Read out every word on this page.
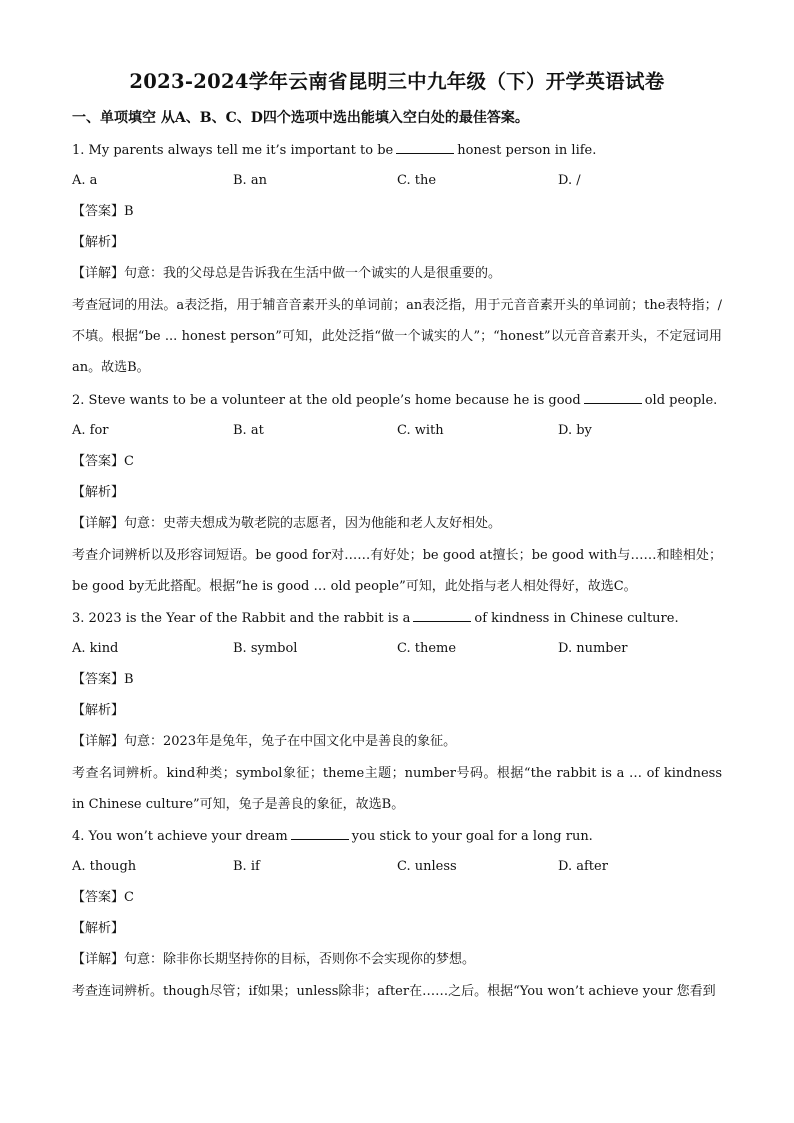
2023-2024学年云南省昆明三中九年级（下）开学英语试卷
一、单项填空 从A、B、C、D四个选项中选出能填入空白处的最佳答案。
1. My parents always tell me it’s important to be	honest person in life.
A. a	B. an	C. the	D. /
【答案】B
【解析】
【详解】句意：我的父母总是告诉我在生活中做一个诚实的人是很重要的。
考查冠词的用法。a表泛指，用于辅音音素开头的单词前；an表泛指，用于元音音素开头的单词前；the表特指；/不填。根据“be ... honest person”可知，此处泛指“做一个诚实的人”；“honest”以元音音素开头，不定冠词用an。故选B。
2. Steve wants to be a volunteer at the old people’s home because he is good	old people.
A. for	B. at	C. with	D. by
【答案】C
【解析】
【详解】句意：史蒂夫想成为敬老院的志愿者，因为他能和老人友好相处。
考查介词辨析以及形容词短语。be good for对……有好处；be good at擅长；be good with与……和睦相处；be good by无此搭配。根据“he is good … old people”可知，此处指与老人相处得好，故选C。
3. 2023 is the Year of the Rabbit and the rabbit is a	of kindness in Chinese culture.
A. kind	B. symbol	C. theme	D. number
【答案】B
【解析】
【详解】句意：2023年是兔年，兔子在中国文化中是善良的象征。
考查名词辨析。kind种类；symbol象征；theme主题；number号码。根据“the rabbit is a … of kindness in Chinese culture”可知，兔子是善良的象征，故选B。
4. You won’t achieve your dream	you stick to your goal for a long run.
A. though	B. if	C. unless	D. after
【答案】C
【解析】
【详解】句意：除非你长期坚持你的目标，否则你不会实现你的梦想。
考查连词辨析。though尽管；if如果；unless除非；after在……之后。根据“You won’t achieve your 您看到
